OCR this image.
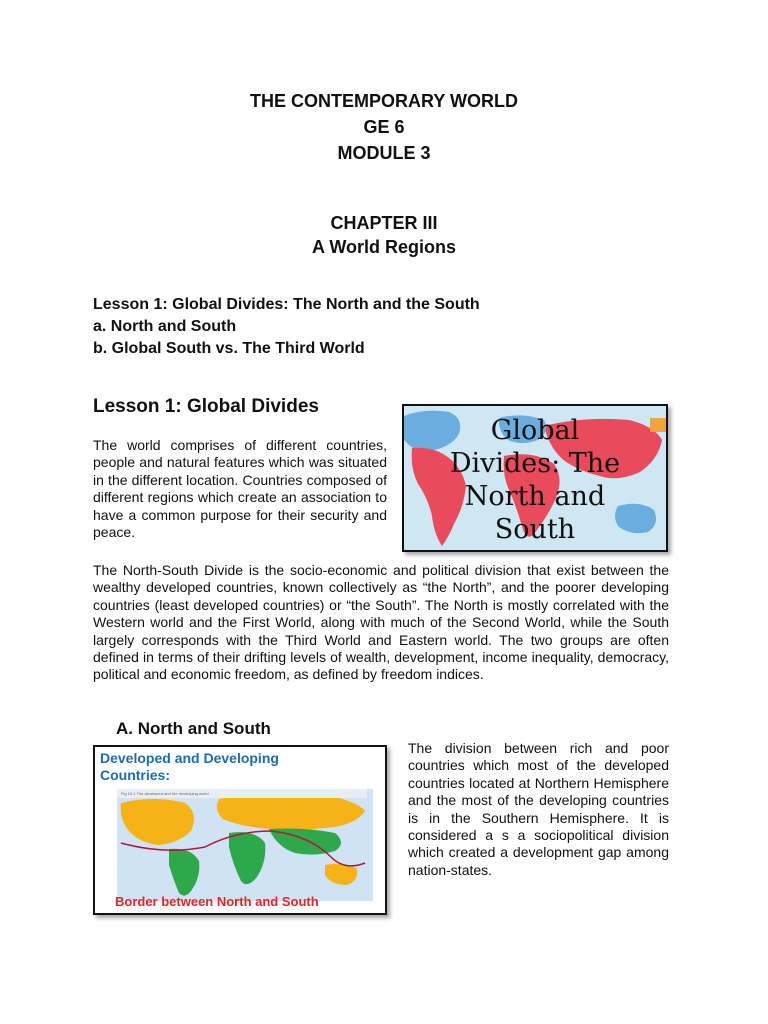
THE CONTEMPORARY WORLD
GE 6
MODULE 3
CHAPTER III
A World Regions
Lesson 1: Global Divides: The North and the South
a. North and South
b. Global South vs. The Third World
Lesson 1: Global Divides
The world comprises of different countries, people and natural features which was situated in the different location. Countries composed of different regions which create an association to have a common purpose for their security and peace.
Global
Divides: The
North and
South
The North-South Divide is the socio-economic and political division that exist between the wealthy developed countries, known collectively as “the North”, and the poorer developing countries (least developed countries) or “the South”. The North is mostly correlated with the Western world and the First World, along with much of the Second World, while the South largely corresponds with the Third World and Eastern world. The two groups are often defined in terms of their drifting levels of wealth, development, income inequality, democracy, political and economic freedom, as defined by freedom indices.
A. North and South
Developed and Developing
Countries:
Fig 10.1 The developed and the developing world
Border between North and South
The division between rich and poor countries which most of the developed countries located at Northern Hemisphere and the most of the developing countries is in the Southern Hemisphere. It is considered a s a sociopolitical division which created a development gap among nation-states.
